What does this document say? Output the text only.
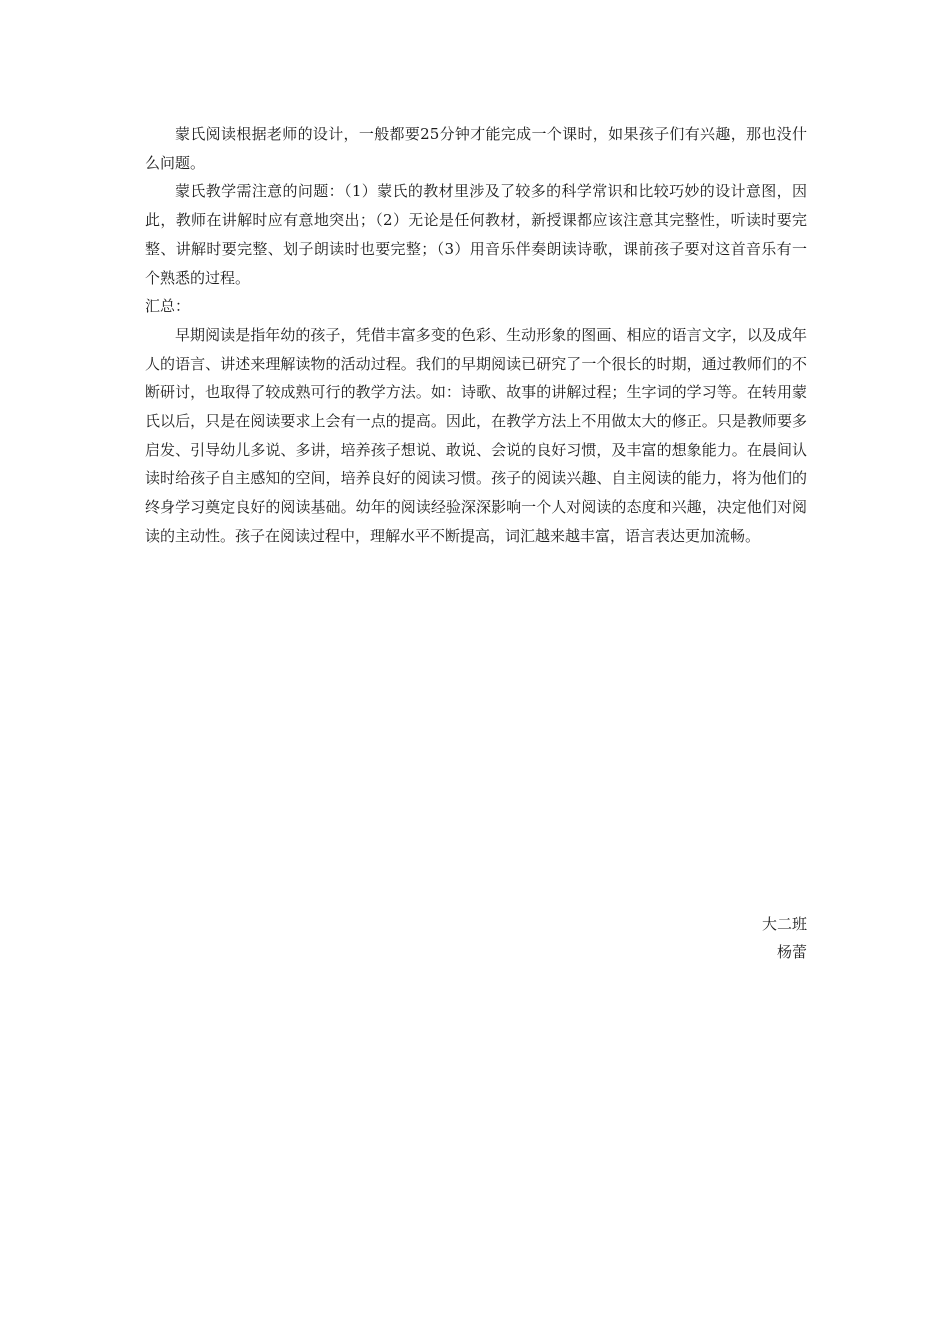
蒙氏阅读根据老师的设计，一般都要25分钟才能完成一个课时，如果孩子们有兴趣，那也没什么问题。

蒙氏教学需注意的问题：（1）蒙氏的教材里涉及了较多的科学常识和比较巧妙的设计意图，因此，教师在讲解时应有意地突出；（2）无论是任何教材，新授课都应该注意其完整性，听读时要完整、讲解时要完整、划子朗读时也要完整；（3）用音乐伴奏朗读诗歌，课前孩子要对这首音乐有一个熟悉的过程。

汇总：

早期阅读是指年幼的孩子，凭借丰富多变的色彩、生动形象的图画、相应的语言文字，以及成年人的语言、讲述来理解读物的活动过程。我们的早期阅读已研究了一个很长的时期，通过教师们的不断研讨，也取得了较成熟可行的教学方法。如：诗歌、故事的讲解过程；生字词的学习等。在转用蒙氏以后，只是在阅读要求上会有一点的提高。因此，在教学方法上不用做太大的修正。只是教师要多启发、引导幼儿多说、多讲，培养孩子想说、敢说、会说的良好习惯，及丰富的想象能力。在晨间认读时给孩子自主感知的空间，培养良好的阅读习惯。孩子的阅读兴趣、自主阅读的能力，将为他们的终身学习奠定良好的阅读基础。幼年的阅读经验深深影响一个人对阅读的态度和兴趣，决定他们对阅读的主动性。孩子在阅读过程中，理解水平不断提高，词汇越来越丰富，语言表达更加流畅。

大二班
杨蕾
